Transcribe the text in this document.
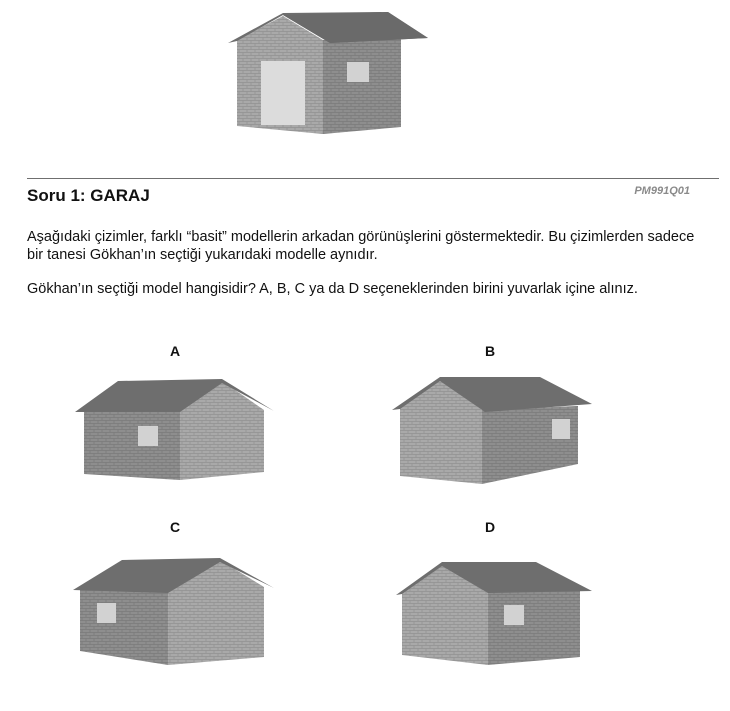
Soru 1: GARAJ	PM991Q01

Aşağıdaki çizimler, farklı “basit” modellerin arkadan görünüşlerini göstermektedir. Bu çizimlerden sadece bir tanesi Gökhan’ın seçtiği yukarıdaki modelle aynıdır.

Gökhan’ın seçtiği model hangisidir? A, B, C ya da D seçeneklerinden birini yuvarlak içine alınız.

A	B
C	D
